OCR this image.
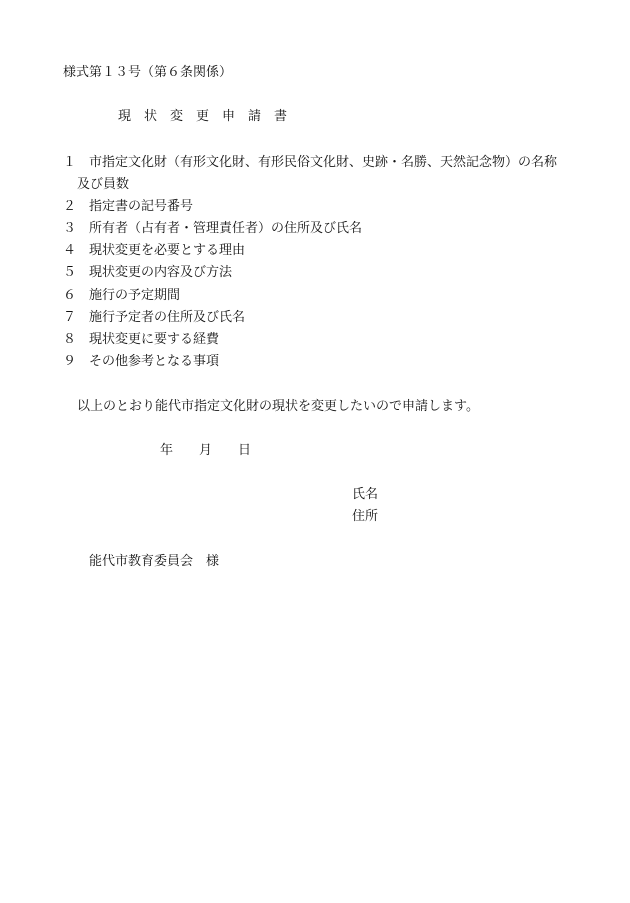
様式第１３号（第６条関係）
現　状　変　更　申　請　書
１ 市指定文化財（有形文化財、有形民俗文化財、史跡・名勝、天然記念物）の名称
及び員数
２ 指定書の記号番号
３ 所有者（占有者・管理責任者）の住所及び氏名
４ 現状変更を必要とする理由
５ 現状変更の内容及び方法
６ 施行の予定期間
７ 施行予定者の住所及び氏名
８ 現状変更に要する経費
９ その他参考となる事項
以上のとおり能代市指定文化財の現状を変更したいので申請します。
年　　月　　日
氏名
住所
能代市教育委員会　様
